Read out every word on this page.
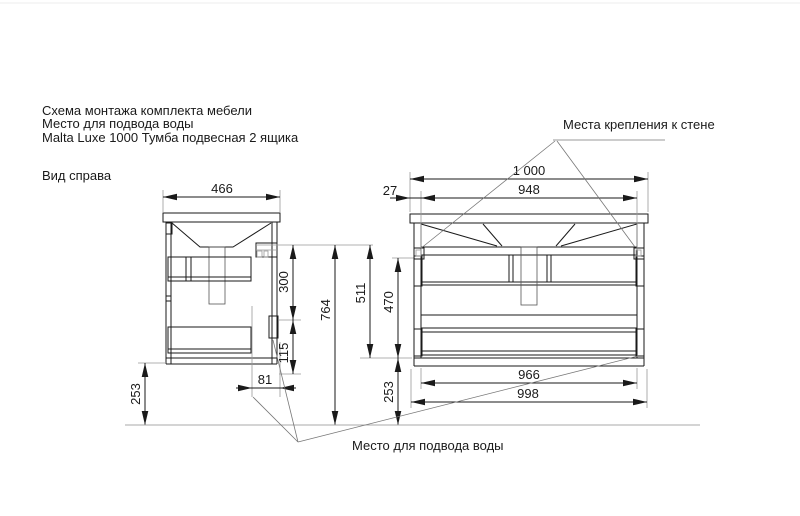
Схема монтажа комплекта мебели
Место для подвода воды
Malta Luxe 1000 Тумба подвесная 2 ящика
Вид справа
466
253
81
300
115
764
511 470
253
1 000
27	948
966
998
Места крепления к стене
Место для подвода воды
